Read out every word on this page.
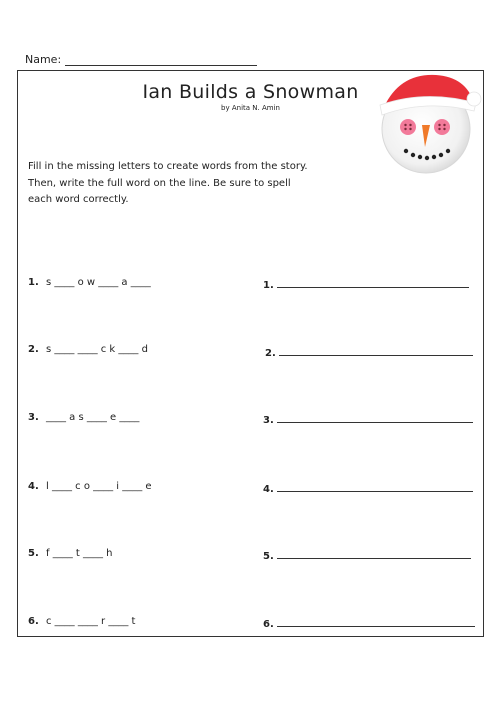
Name:
Ian Builds a Snowman
by Anita N. Amin
Fill in the missing letters to create words from the story.
Then, write the full word on the line. Be sure to spell
each word correctly.
1. s ____ o w ____ a ____
2. s ____ ____ c k ____ d
3. ____ a s ____ e ____
4. l ____ c o ____ i ____ e
5. f ____ t ____ h
6. c ____ ____ r ____ t
1.
2.
3.
4.
5.
6.
